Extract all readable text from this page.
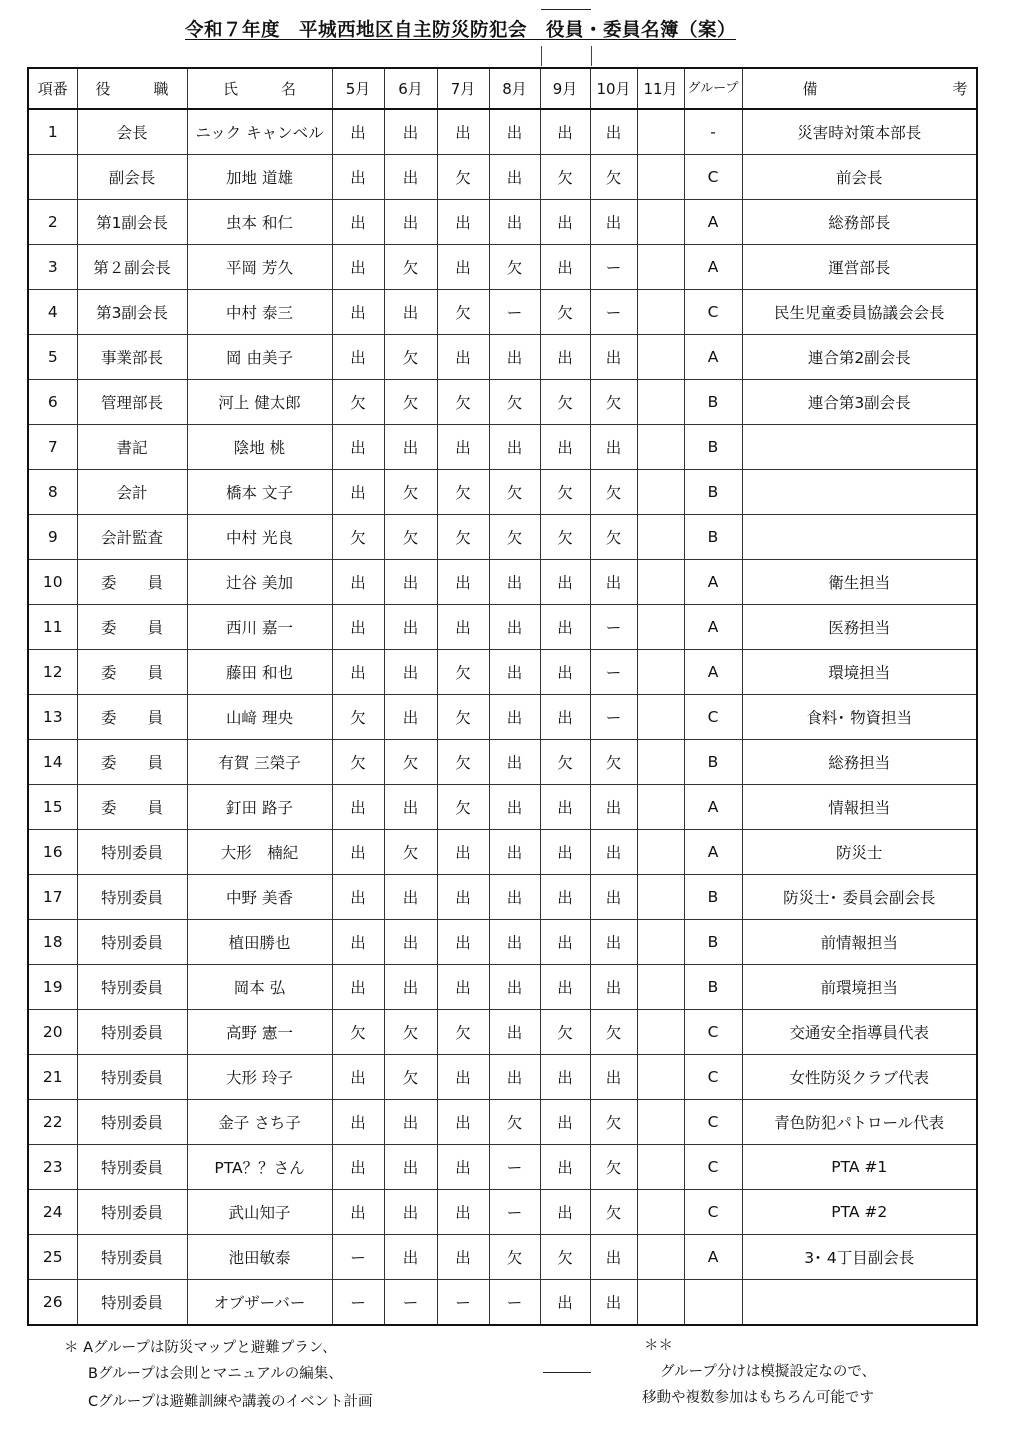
令和７年度　平城西地区自主防災防犯会　役員・委員名簿（案）
項番	役　職	氏　名	5月	6月	7月	8月	9月	10月	11月	グループ	備　考
1	会長	ニック キャンベル	出	出	出	出	出	出		-	災害時対策本部長
	副会長	加地 道雄	出	出	欠	出	欠	欠		C	前会長
2	第1副会長	虫本 和仁	出	出	出	出	出	出		A	総務部長
3	第２副会長	平岡 芳久	出	欠	出	欠	出	ー		A	運営部長
4	第3副会長	中村 泰三	出	出	欠	ー	欠	ー		C	民生児童委員協議会会長
5	事業部長	岡 由美子	出	欠	出	出	出	出		A	連合第2副会長
6	管理部長	河上 健太郎	欠	欠	欠	欠	欠	欠		B	連合第3副会長
7	書記	陰地 桃	出	出	出	出	出	出		B	
8	会計	橋本 文子	出	欠	欠	欠	欠	欠		B	
9	会計監査	中村 光良	欠	欠	欠	欠	欠	欠		B	
10	委　　員	辻谷 美加	出	出	出	出	出	出		A	衛生担当
11	委　　員	西川 嘉一	出	出	出	出	出	ー		A	医務担当
12	委　　員	藤田 和也	出	出	欠	出	出	ー		A	環境担当
13	委　　員	山﨑 理央	欠	出	欠	出	出	ー		C	食料･ 物資担当
14	委　　員	有賀 三榮子	欠	欠	欠	出	欠	欠		B	総務担当
15	委　　員	釘田 路子	出	出	欠	出	出	出		A	情報担当
16	特別委員	大形　楠紀	出	欠	出	出	出	出		A	防災士
17	特別委員	中野 美香	出	出	出	出	出	出		B	防災士･ 委員会副会長
18	特別委員	植田勝也	出	出	出	出	出	出		B	前情報担当
19	特別委員	岡本 弘	出	出	出	出	出	出		B	前環境担当
20	特別委員	高野 憲一	欠	欠	欠	出	欠	欠		C	交通安全指導員代表
21	特別委員	大形 玲子	出	欠	出	出	出	出		C	女性防災クラブ代表
22	特別委員	金子 さち子	出	出	出	欠	出	欠		C	青色防犯パトロール代表
23	特別委員	PTA？？さん	出	出	出	ー	出	欠		C	PTA #1
24	特別委員	武山知子	出	出	出	ー	出	欠		C	PTA #2
25	特別委員	池田敏泰	ー	出	出	欠	欠	出		A	3･ 4丁目副会長
26	特別委員	オブザーバー	ー	ー	ー	ー	出	出			
＊ Aグループは防災マップと避難プラン、
Bグループは会則とマニュアルの編集、
Cグループは避難訓練や講義のイベント計画
＊＊
グループ分けは模擬設定なので、
移動や複数参加はもちろん可能です
